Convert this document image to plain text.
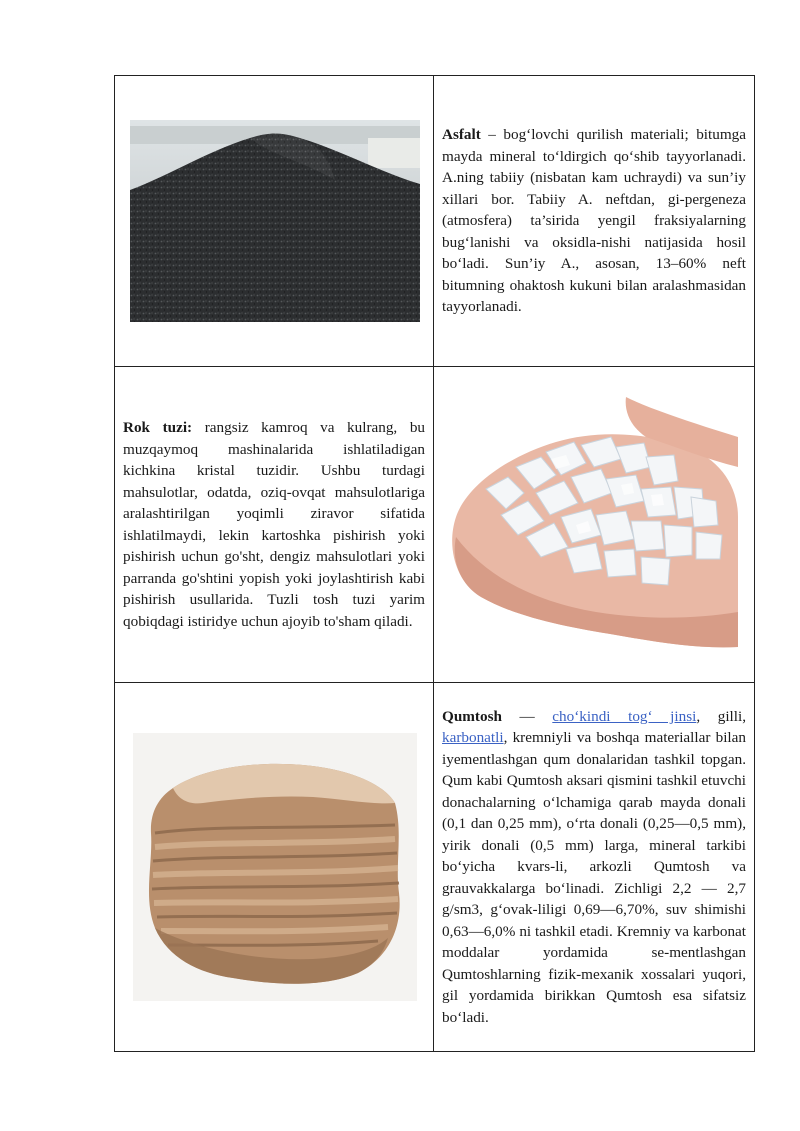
Asfalt – bog‘lovchi qurilish materiali; bitumga mayda mineral to‘ldirgich qo‘shib tayyorlanadi. A.ning tabiiy (nisbatan kam uchraydi) va sun’iy xillari bor. Tabiiy A. neftdan, gi-pergeneza (atmosfera) ta’sirida yengil fraksiyalarning bug‘lanishi va oksidla-nishi natijasida hosil bo‘ladi. Sun’iy A., asosan, 13–60% neft bitumning ohaktosh kukuni bilan aralashmasidan tayyorlanadi.

Rok tuzi: rangsiz kamroq va kulrang, bu muzqaymoq mashinalarida ishlatiladigan kichkina kristal tuzidir. Ushbu turdagi mahsulotlar, odatda, oziq-ovqat mahsulotlariga aralashtirilgan yoqimli ziravor sifatida ishlatilmaydi, lekin kartoshka pishirish yoki pishirish uchun go'sht, dengiz mahsulotlari yoki parranda go'shtini yopish yoki joylashtirish kabi pishirish usullarida. Tuzli tosh tuzi yarim qobiqdagi istiridye uchun ajoyib to'sham qiladi.

Qumtosh — cho‘kindi tog‘ jinsi, gilli, karbonatli, kremniyli va boshqa materiallar bilan iyementlashgan qum donalaridan tashkil topgan. Qum kabi Qumtosh aksari qismini tashkil etuvchi donachalarning o‘lchamiga qarab mayda donali (0,1 dan 0,25 mm), o‘rta donali (0,25—0,5 mm), yirik donali (0,5 mm) larga, mineral tarkibi bo‘yicha kvars-li, arkozli Qumtosh va grauvakkalarga bo‘linadi. Zichligi 2,2 — 2,7 g/sm3, g‘ovak-liligi 0,69—6,70%, suv shimishi 0,63—6,0% ni tashkil etadi. Kremniy va karbonat moddalar yordamida se-mentlashgan Qumtoshlarning fizik-mexanik xossalari yuqori, gil yordamida birikkan Qumtosh esa sifatsiz bo‘ladi.
